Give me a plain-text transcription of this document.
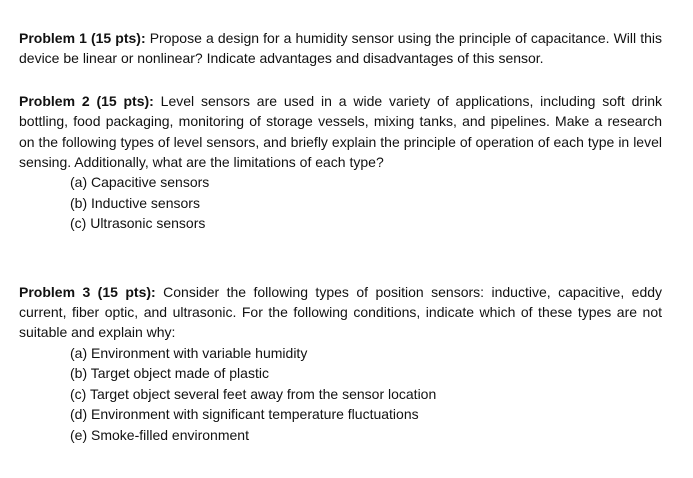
Problem 1 (15 pts): Propose a design for a humidity sensor using the principle of capacitance. Will this device be linear or nonlinear? Indicate advantages and disadvantages of this sensor.

Problem 2 (15 pts): Level sensors are used in a wide variety of applications, including soft drink bottling, food packaging, monitoring of storage vessels, mixing tanks, and pipelines. Make a research on the following types of level sensors, and briefly explain the principle of operation of each type in level sensing. Additionally, what are the limitations of each type?

(a) Capacitive sensors
(b) Inductive sensors
(c) Ultrasonic sensors

Problem 3 (15 pts): Consider the following types of position sensors: inductive, capacitive, eddy current, fiber optic, and ultrasonic. For the following conditions, indicate which of these types are not suitable and explain why:

(a) Environment with variable humidity
(b) Target object made of plastic
(c) Target object several feet away from the sensor location
(d) Environment with significant temperature fluctuations
(e) Smoke-filled environment
